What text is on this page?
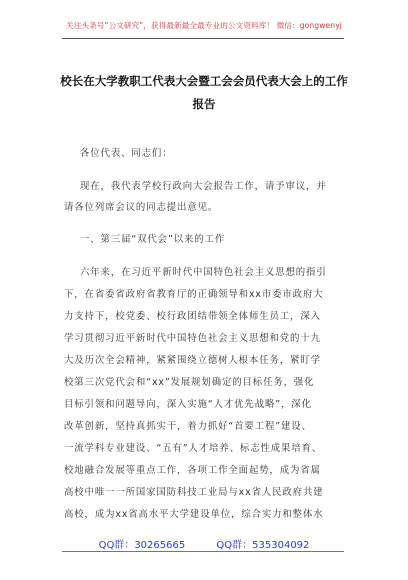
关注头条号“公文研究”，获得最新最全最专业的公文资料库！ 微信：gongwenyj
校长在大学教职工代表大会暨工会会员代表大会上的工作
报告
各位代表、同志们：
现在，我代表学校行政向大会报告工作，请予审议，并
请各位列席会议的同志提出意见。
一、第三届“双代会”以来的工作
六年来，在习近平新时代中国特色社会主义思想的指引
下，在省委省政府省教育厅的正确领导和xx市委市政府大
力支持下，校党委、校行政团结带领全体师生员工，深入
学习贯彻习近平新时代中国特色社会主义思想和党的十九
大及历次全会精神，紧紧围绕立德树人根本任务，紧盯学
校第三次党代会和“xx”发展规划确定的目标任务，强化
目标引领和问题导向，深入实施“人才优先战略”，深化
改革创新，坚持真抓实干，着力抓好“首要工程”建设、
一流学科专业建设、“五有”人才培养、标志性成果培育、
校地融合发展等重点工作，各项工作全面起势，成为省属
高校中唯一一所国家国防科技工业局与xx省人民政府共建
高校，成为xx省高水平大学建设单位，综合实力和整体水
QQ群：30265665	QQ群：535304092
